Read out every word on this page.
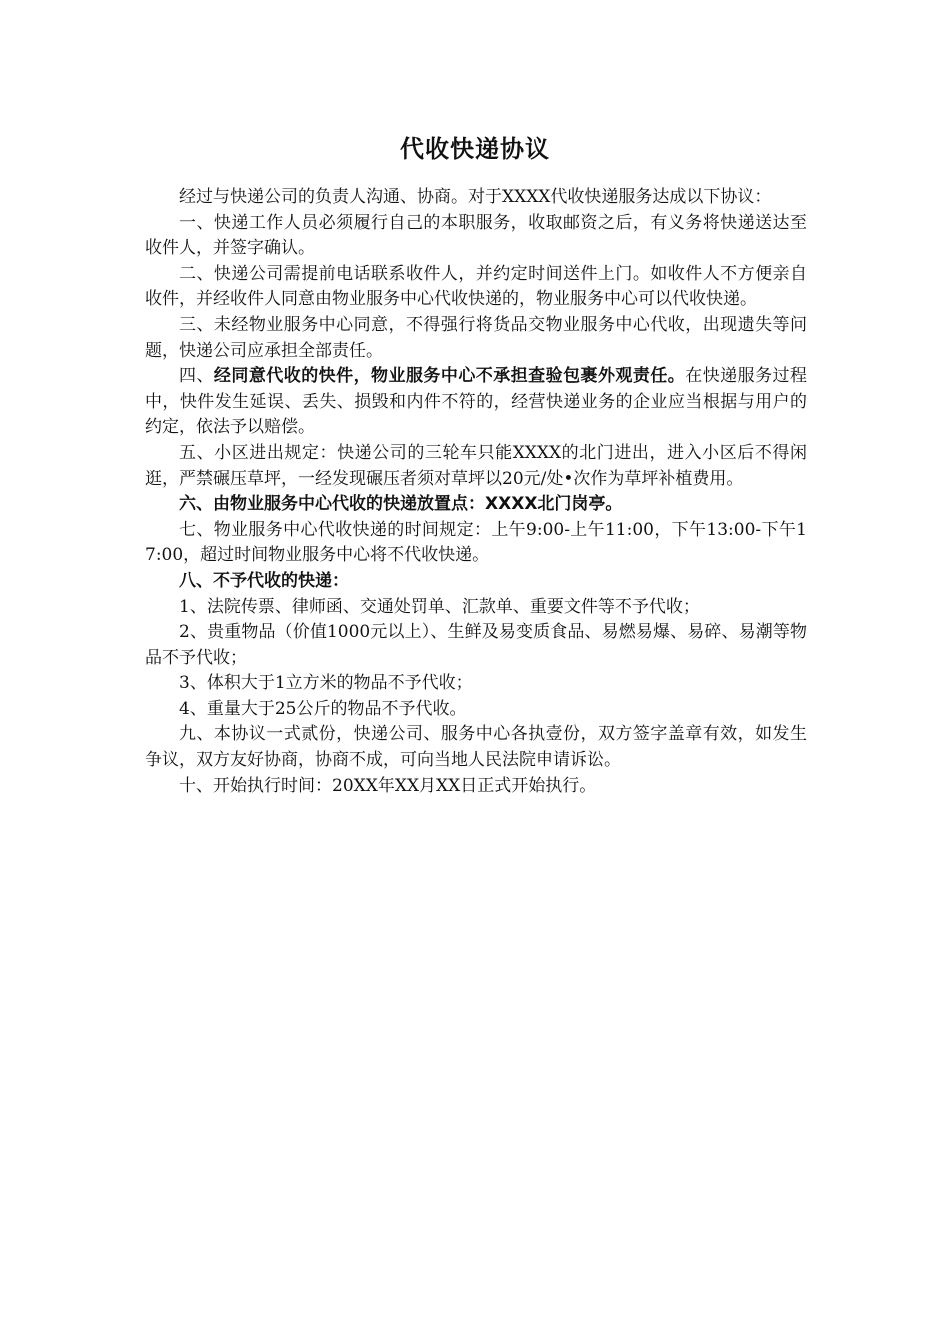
代收快递协议

经过与快递公司的负责人沟通、协商。对于XXXX代收快递服务达成以下协议：

一、快递工作人员必须履行自己的本职服务，收取邮资之后，有义务将快递送达至收件人，并签字确认。

二、快递公司需提前电话联系收件人，并约定时间送件上门。如收件人不方便亲自收件，并经收件人同意由物业服务中心代收快递的，物业服务中心可以代收快递。

三、未经物业服务中心同意，不得强行将货品交物业服务中心代收，出现遗失等问题，快递公司应承担全部责任。

四、经同意代收的快件，物业服务中心不承担查验包裹外观责任。在快递服务过程中，快件发生延误、丢失、损毁和内件不符的，经营快递业务的企业应当根据与用户的约定，依法予以赔偿。

五、小区进出规定：快递公司的三轮车只能XXXX的北门进出，进入小区后不得闲逛，严禁碾压草坪，一经发现碾压者须对草坪以20元/处•次作为草坪补植费用。

六、由物业服务中心代收的快递放置点：XXXX北门岗亭。

七、物业服务中心代收快递的时间规定：上午9:00-上午11:00，下午13:00-下午17:00，超过时间物业服务中心将不代收快递。

八、不予代收的快递：

1、法院传票、律师函、交通处罚单、汇款单、重要文件等不予代收；

2、贵重物品（价值1000元以上）、生鲜及易变质食品、易燃易爆、易碎、易潮等物品不予代收；

3、体积大于1立方米的物品不予代收；

4、重量大于25公斤的物品不予代收。

九、本协议一式贰份，快递公司、服务中心各执壹份，双方签字盖章有效，如发生争议，双方友好协商，协商不成，可向当地人民法院申请诉讼。

十、开始执行时间：20XX年XX月XX日正式开始执行。
